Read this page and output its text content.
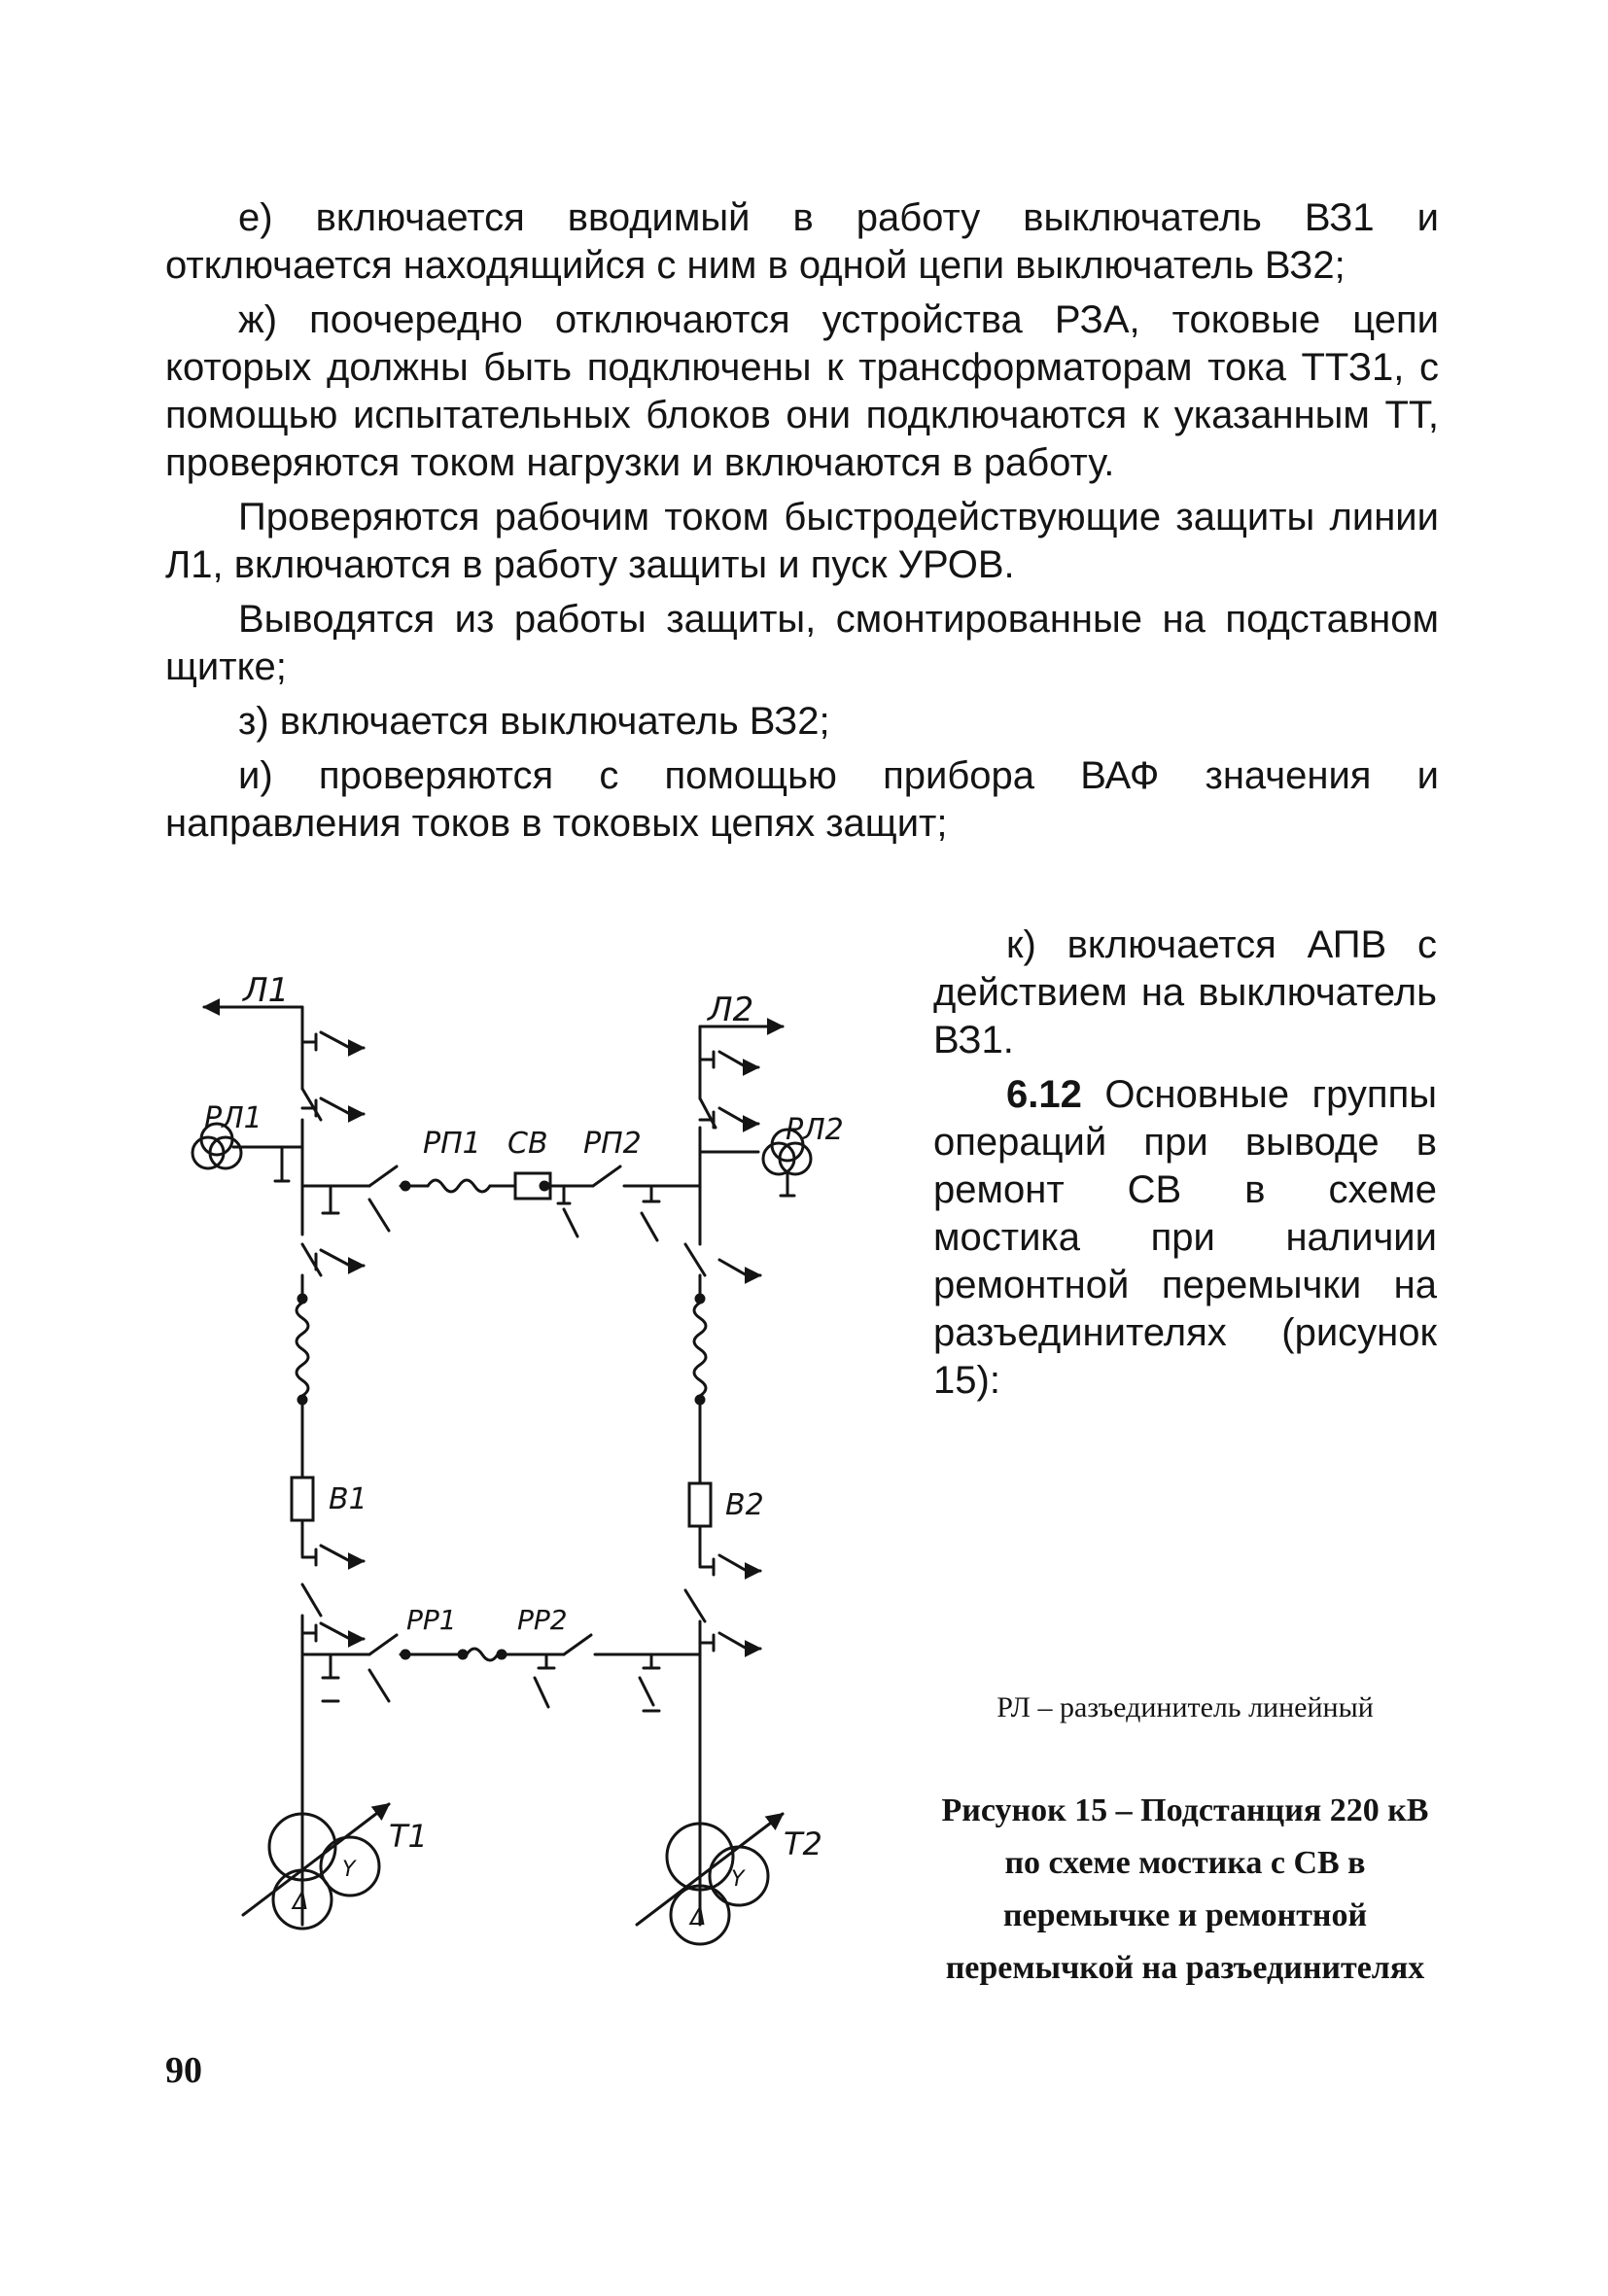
е) включается вводимый в работу выключатель ВЗ1 и отключается находящийся с ним в одной цепи выключатель ВЗ2;

ж) поочередно отключаются устройства РЗА, токовые цепи которых должны быть подключены к трансформаторам тока ТТЗ1, с помощью испытательных блоков они подключаются к указанным ТТ, проверяются током нагрузки и включаются в работу.

Проверяются рабочим током быстродействующие защиты линии Л1, включаются в работу защиты и пуск УРОВ.

Выводятся из работы защиты, смонтированные на подставном щитке;

з) включается выключатель ВЗ2;

и) проверяются с помощью прибора ВАФ значения и направления токов в токовых цепях защит;

к) включается АПВ с действием на выключатель ВЗ1.

6.12 Основные группы операций при выводе в ремонт СВ в схеме мостика при наличии ремонтной перемычки на разъединителях (рисунок 15):

Л1	Л2
РЛ1	РЛ2
РП1 СВ РП2
В1	В2
РР1 РР2
Т1	Т2
Δ
Y
Δ
Y
РЛ – разъединитель линейный
Рисунок 15 – Подстанция 220 кВ по схеме мостика с СВ в перемычке и ремонтной перемычкой на разъединителях
90
